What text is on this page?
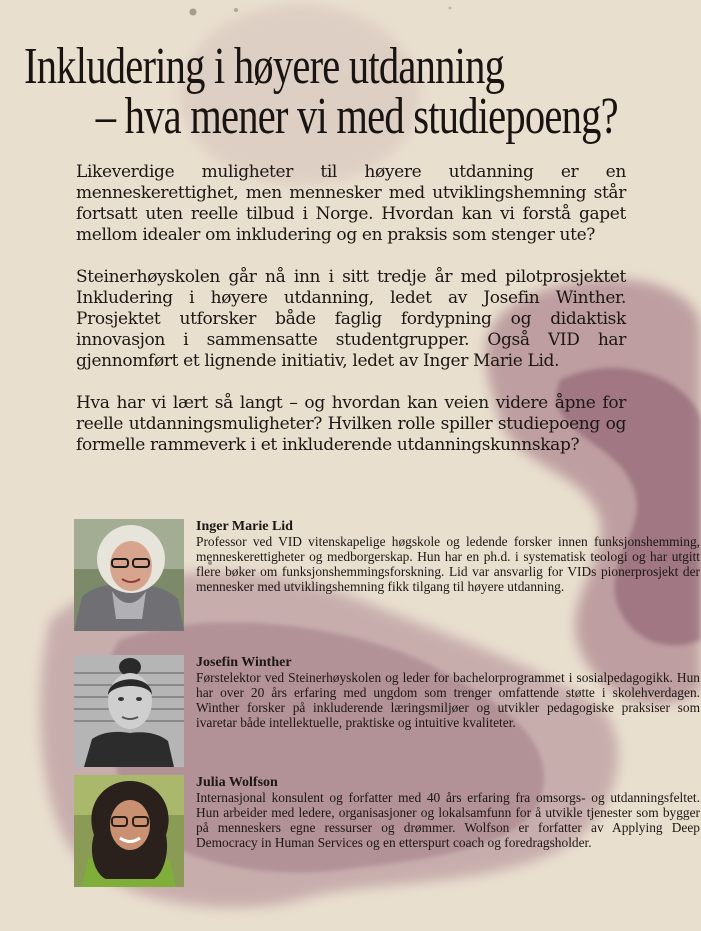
Inkludering i høyere utdanning
– hva mener vi med studiepoeng?

Likeverdige muligheter til høyere utdanning er en menneskerettighet, men mennesker med utviklingshemning står fortsatt uten reelle tilbud i Norge. Hvordan kan vi forstå gapet mellom idealer om inkludering og en praksis som stenger ute?

Steinerhøyskolen går nå inn i sitt tredje år med pilotprosjektet Inkludering i høyere utdanning, ledet av Josefin Winther. Prosjektet utforsker både faglig fordypning og didaktisk innovasjon i sammensatte studentgrupper. Også VID har gjennomført et lignende initiativ, ledet av Inger Marie Lid.

Hva har vi lært så langt – og hvordan kan veien videre åpne for reelle utdanningsmuligheter? Hvilken rolle spiller studiepoeng og formelle rammeverk i et inkluderende utdanningskunnskap?

Inger Marie Lid
Professor ved VID vitenskapelige høgskole og ledende forsker innen funksjonshemming, menneskerettigheter og medborgerskap. Hun har en ph.d. i systematisk teologi og har utgitt flere bøker om funksjonshemmingsforskning. Lid var ansvarlig for VIDs pionerprosjekt der mennesker med utviklingshemning fikk tilgang til høyere utdanning.
Josefin Winther
Førstelektor ved Steinerhøyskolen og leder for bachelorprogrammet i sosialpedagogikk. Hun har over 20 års erfaring med ungdom som trenger omfattende støtte i skolehverdagen. Winther forsker på inkluderende læringsmiljøer og utvikler pedagogiske praksiser som ivaretar både intellektuelle, praktiske og intuitive kvaliteter.
Julia Wolfson
Internasjonal konsulent og forfatter med 40 års erfaring fra omsorgs- og utdanningsfeltet. Hun arbeider med ledere, organisasjoner og lokalsamfunn for å utvikle tjenester som bygger på menneskers egne ressurser og drømmer. Wolfson er forfatter av Applying Deep Democracy in Human Services og en etterspurt coach og foredragsholder.
